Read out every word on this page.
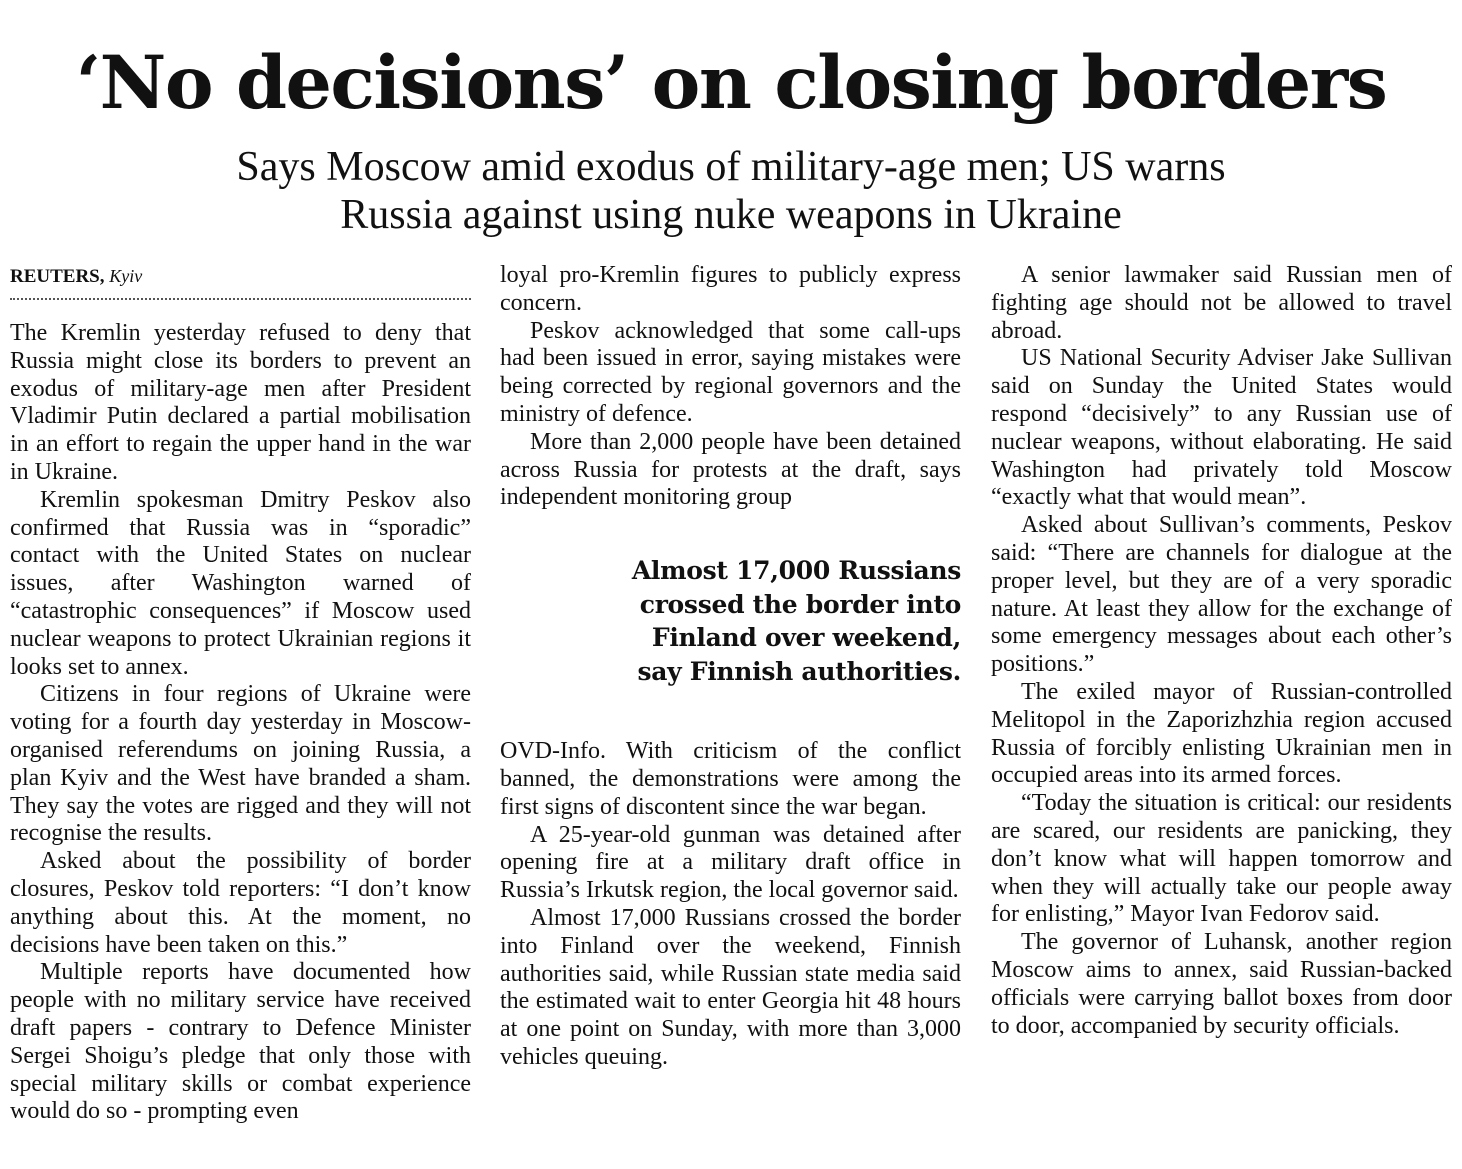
‘No decisions’ on closing borders
Says Moscow amid exodus of military-age men; US warns
Russia against using nuke weapons in Ukraine
REUTERS, Kyiv

The Kremlin yesterday refused to deny that Russia might close its borders to prevent an exodus of military-age men after President Vladimir Putin declared a partial mobilisation in an effort to regain the upper hand in the war in Ukraine.

Kremlin spokesman Dmitry Peskov also confirmed that Russia was in “sporadic” contact with the United States on nuclear issues, after Washington warned of “catastrophic consequences” if Moscow used nuclear weapons to protect Ukrainian regions it looks set to annex.

Citizens in four regions of Ukraine were voting for a fourth day yesterday in Moscow-organised referendums on joining Russia, a plan Kyiv and the West have branded a sham. They say the votes are rigged and they will not recognise the results.

Asked about the possibility of border closures, Peskov told reporters: “I don’t know anything about this. At the moment, no decisions have been taken on this.”

Multiple reports have documented how people with no military service have received draft papers - contrary to Defence Minister Sergei Shoigu’s pledge that only those with special military skills or combat experience would do so - prompting even

loyal pro-Kremlin figures to publicly express concern.

Peskov acknowledged that some call-ups had been issued in error, saying mistakes were being corrected by regional governors and the ministry of defence.

More than 2,000 people have been detained across Russia for protests at the draft, says independent monitoring group

Almost 17,000 Russians
crossed the border into
Finland over weekend,
say Finnish authorities.

OVD-Info. With criticism of the conflict banned, the demonstrations were among the first signs of discontent since the war began.

A 25-year-old gunman was detained after opening fire at a military draft office in Russia’s Irkutsk region, the local governor said.

Almost 17,000 Russians crossed the border into Finland over the weekend, Finnish authorities said, while Russian state media said the estimated wait to enter Georgia hit 48 hours at one point on Sunday, with more than 3,000 vehicles queuing.

A senior lawmaker said Russian men of fighting age should not be allowed to travel abroad.

US National Security Adviser Jake Sullivan said on Sunday the United States would respond “decisively” to any Russian use of nuclear weapons, without elaborating. He said Washington had privately told Moscow “exactly what that would mean”.

Asked about Sullivan’s comments, Peskov said: “There are channels for dialogue at the proper level, but they are of a very sporadic nature. At least they allow for the exchange of some emergency messages about each other’s positions.”

The exiled mayor of Russian-controlled Melitopol in the Zaporizhzhia region accused Russia of forcibly enlisting Ukrainian men in occupied areas into its armed forces.

“Today the situation is critical: our residents are scared, our residents are panicking, they don’t know what will happen tomorrow and when they will actually take our people away for enlisting,” Mayor Ivan Fedorov said.

The governor of Luhansk, another region Moscow aims to annex, said Russian-backed officials were carrying ballot boxes from door to door, accompanied by security officials.
